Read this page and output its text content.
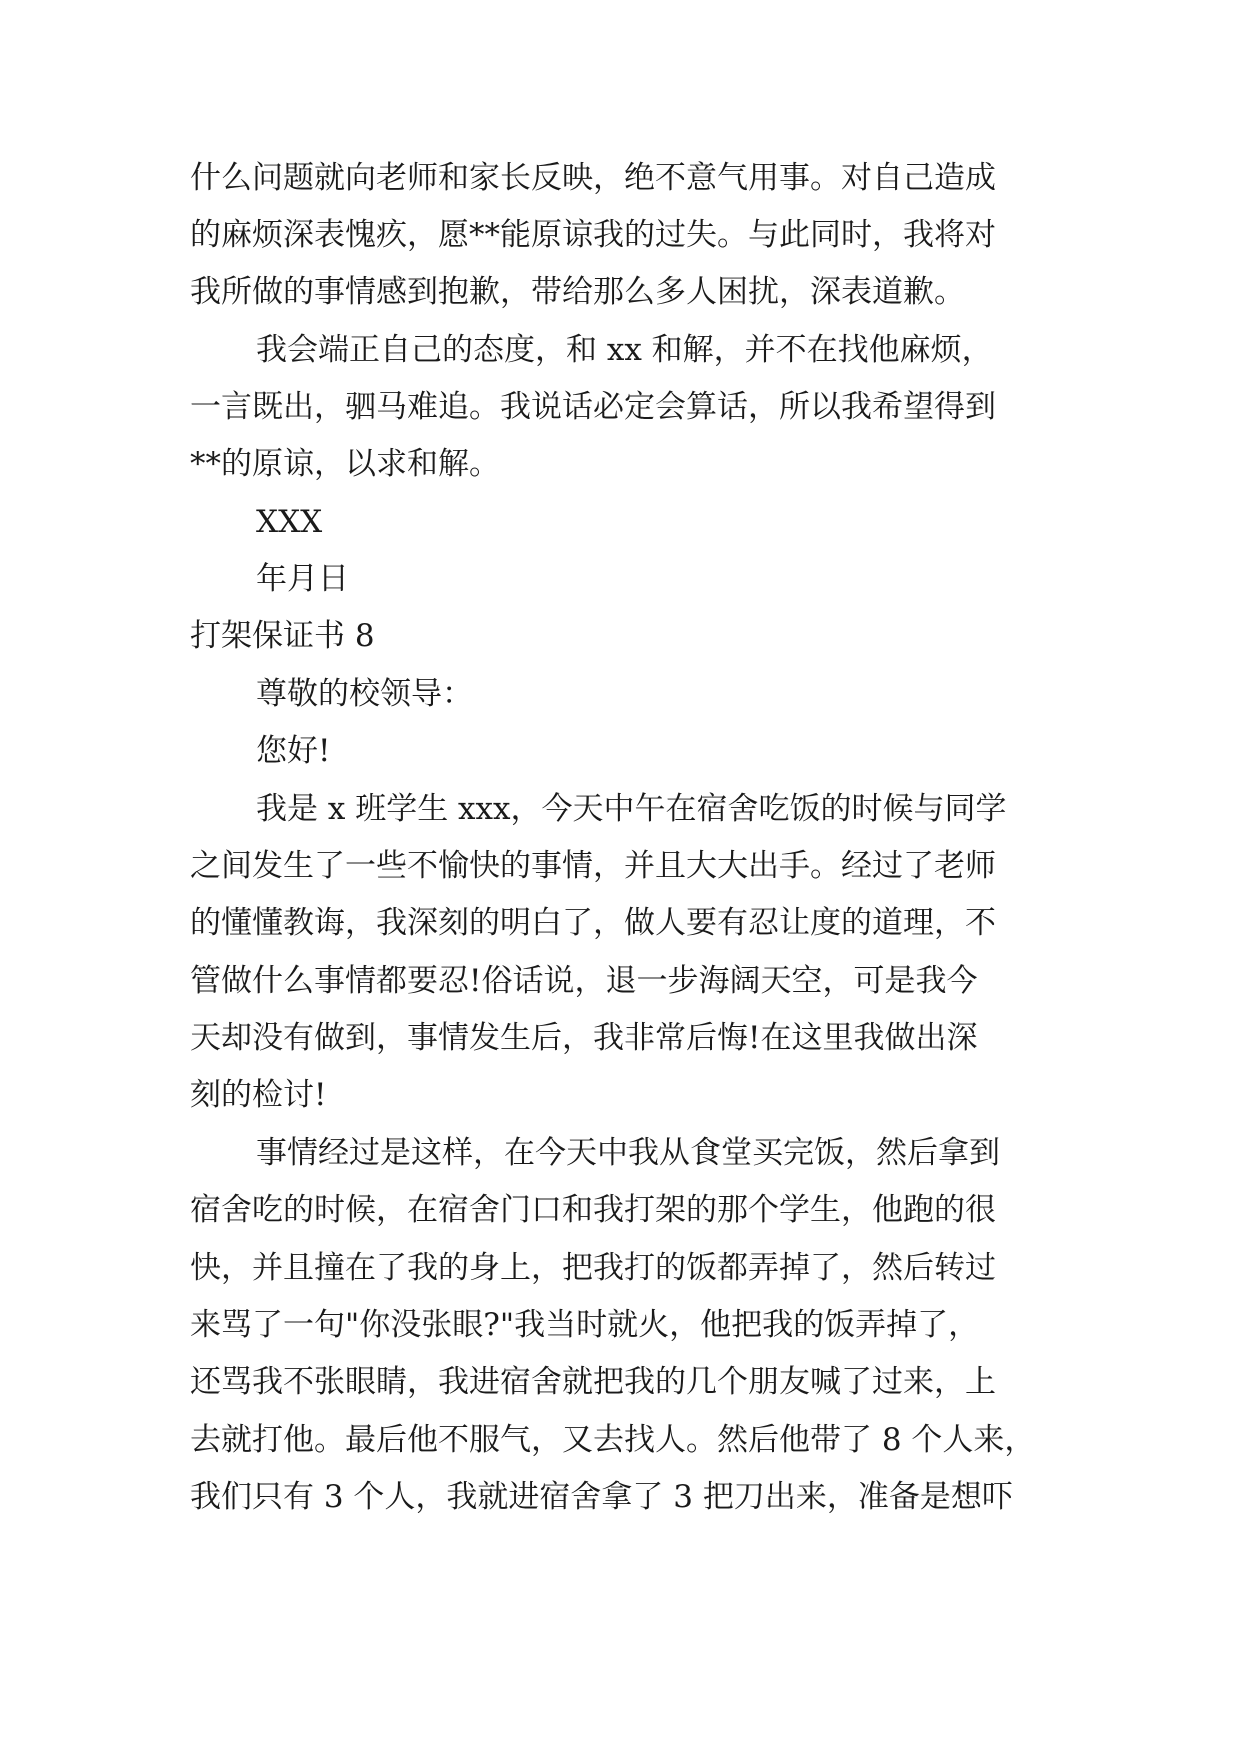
什么问题就向老师和家长反映，绝不意气用事。对自己造成
的麻烦深表愧疚，愿**能原谅我的过失。与此同时，我将对
我所做的事情感到抱歉，带给那么多人困扰，深表道歉。
我会端正自己的态度，和 xx 和解，并不在找他麻烦，
一言既出，驷马难追。我说话必定会算话，所以我希望得到
**的原谅，以求和解。
XXX
年月日
打架保证书 8
尊敬的校领导：
您好!
我是 x 班学生 xxx，今天中午在宿舍吃饭的时候与同学
之间发生了一些不愉快的事情，并且大大出手。经过了老师
的懂懂教诲，我深刻的明白了，做人要有忍让度的道理，不
管做什么事情都要忍!俗话说，退一步海阔天空，可是我今
天却没有做到，事情发生后，我非常后悔!在这里我做出深
刻的检讨!
事情经过是这样，在今天中我从食堂买完饭，然后拿到
宿舍吃的时候，在宿舍门口和我打架的那个学生，他跑的很
快，并且撞在了我的身上，把我打的饭都弄掉了，然后转过
来骂了一句"你没张眼?"我当时就火，他把我的饭弄掉了，
还骂我不张眼睛，我进宿舍就把我的几个朋友喊了过来，上
去就打他。最后他不服气，又去找人。然后他带了 8 个人来，
我们只有 3 个人，我就进宿舍拿了 3 把刀出来，准备是想吓
